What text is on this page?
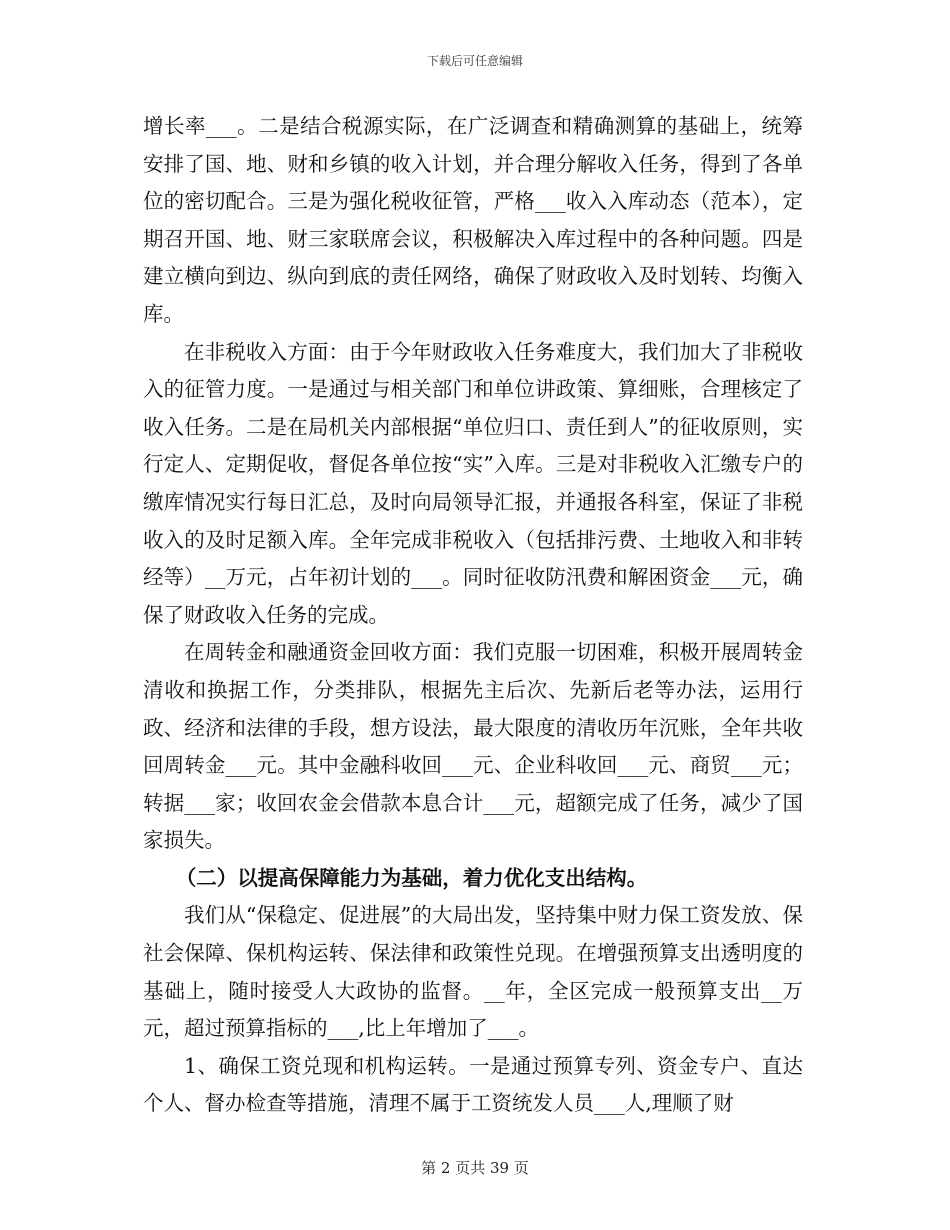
下载后可任意编辑

增长率___。二是结合税源实际，在广泛调查和精确测算的基础上，统筹安排了国、地、财和乡镇的收入计划，并合理分解收入任务，得到了各单位的密切配合。三是为强化税收征管，严格___收入入库动态（范本），定期召开国、地、财三家联席会议，积极解决入库过程中的各种问题。四是建立横向到边、纵向到底的责任网络，确保了财政收入及时划转、均衡入库。

在非税收入方面：由于今年财政收入任务难度大，我们加大了非税收入的征管力度。一是通过与相关部门和单位讲政策、算细账，合理核定了收入任务。二是在局机关内部根据“单位归口、责任到人”的征收原则，实行定人、定期促收，督促各单位按“实”入库。三是对非税收入汇缴专户的缴库情况实行每日汇总，及时向局领导汇报，并通报各科室，保证了非税收入的及时足额入库。全年完成非税收入（包括排污费、土地收入和非转经等）__万元，占年初计划的___。同时征收防汛费和解困资金___元，确保了财政收入任务的完成。

在周转金和融通资金回收方面：我们克服一切困难，积极开展周转金清收和换据工作，分类排队，根据先主后次、先新后老等办法，运用行政、经济和法律的手段，想方设法，最大限度的清收历年沉账，全年共收回周转金___元。其中金融科收回___元、企业科收回___元、商贸___元；转据___家；收回农金会借款本息合计___元，超额完成了任务，减少了国家损失。

（二）以提高保障能力为基础，着力优化支出结构。

我们从“保稳定、促进展”的大局出发，坚持集中财力保工资发放、保社会保障、保机构运转、保法律和政策性兑现。在增强预算支出透明度的基础上，随时接受人大政协的监督。__年，全区完成一般预算支出__万元，超过预算指标的___,比上年增加了___。

1、确保工资兑现和机构运转。一是通过预算专列、资金专户、直达个人、督办检查等措施，清理不属于工资统发人员___人,理顺了财

第 2 页共 39 页
